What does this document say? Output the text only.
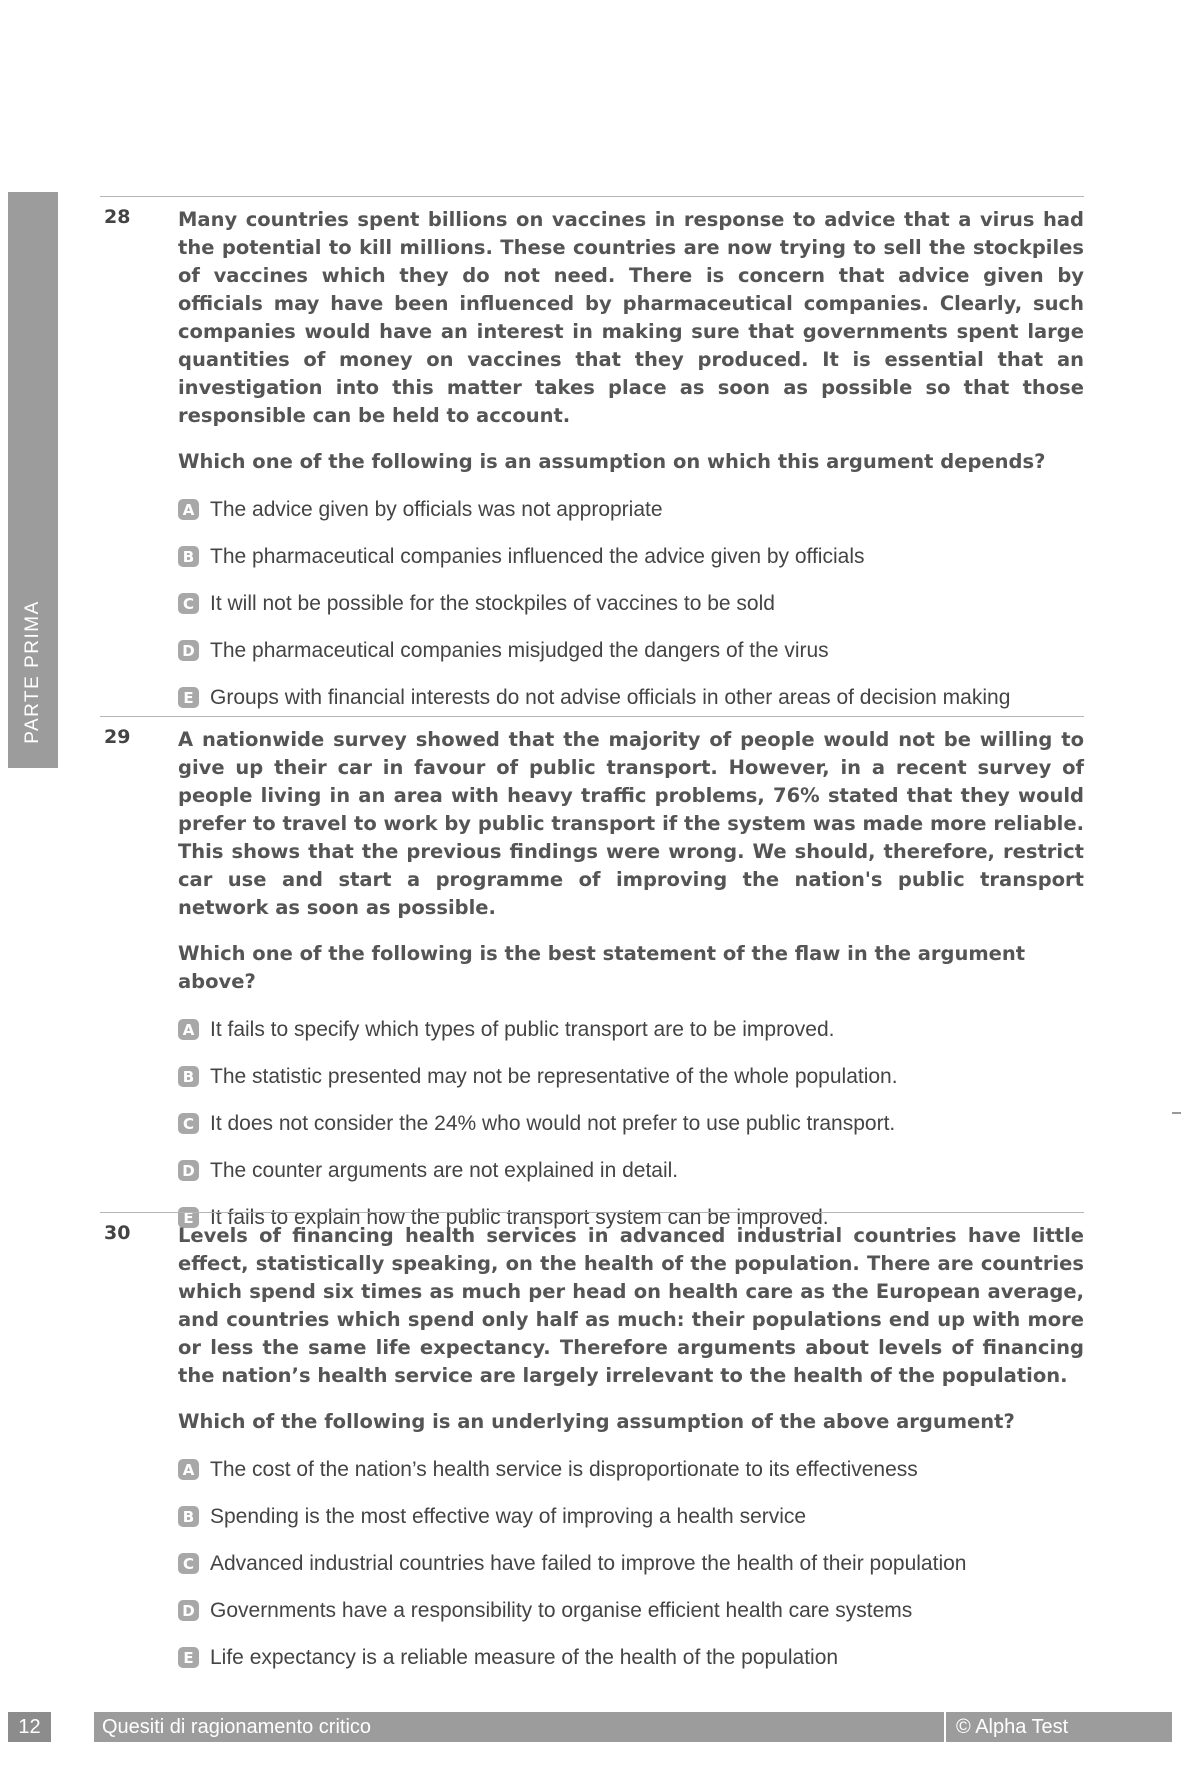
PARTE PRIMA
28 Many countries spent billions on vaccines in response to advice that a virus had the potential to kill millions. These countries are now trying to sell the stockpiles of vaccines which they do not need. There is concern that advice given by officials may have been influenced by pharmaceutical companies. Clearly, such companies would have an interest in making sure that governments spent large quantities of money on vaccines that they produced. It is essential that an investigation into this matter takes place as soon as possible so that those responsible can be held to account.

Which one of the following is an assumption on which this argument depends?

A The advice given by officials was not appropriate
B The pharmaceutical companies influenced the advice given by officials
C It will not be possible for the stockpiles of vaccines to be sold
D The pharmaceutical companies misjudged the dangers of the virus
E Groups with financial interests do not advise officials in other areas of decision making
29 A nationwide survey showed that the majority of people would not be willing to give up their car in favour of public transport. However, in a recent survey of people living in an area with heavy traffic problems, 76% stated that they would prefer to travel to work by public transport if the system was made more reliable. This shows that the previous findings were wrong. We should, therefore, restrict car use and start a programme of improving the nation's public transport network as soon as possible.

Which one of the following is the best statement of the flaw in the argument above?

A It fails to specify which types of public transport are to be improved.
B The statistic presented may not be representative of the whole population.
C It does not consider the 24% who would not prefer to use public transport.
D The counter arguments are not explained in detail.
E It fails to explain how the public transport system can be improved.
30 Levels of financing health services in advanced industrial countries have little effect, statistically speaking, on the health of the population. There are countries which spend six times as much per head on health care as the European average, and countries which spend only half as much: their populations end up with more or less the same life expectancy. Therefore arguments about levels of financing the nation’s health service are largely irrelevant to the health of the population.

Which of the following is an underlying assumption of the above argument?

A The cost of the nation’s health service is disproportionate to its effectiveness
B Spending is the most effective way of improving a health service
C Advanced industrial countries have failed to improve the health of their population
D Governments have a responsibility to organise efficient health care systems
E Life expectancy is a reliable measure of the health of the population
12	Quesiti di ragionamento critico	© Alpha Test
